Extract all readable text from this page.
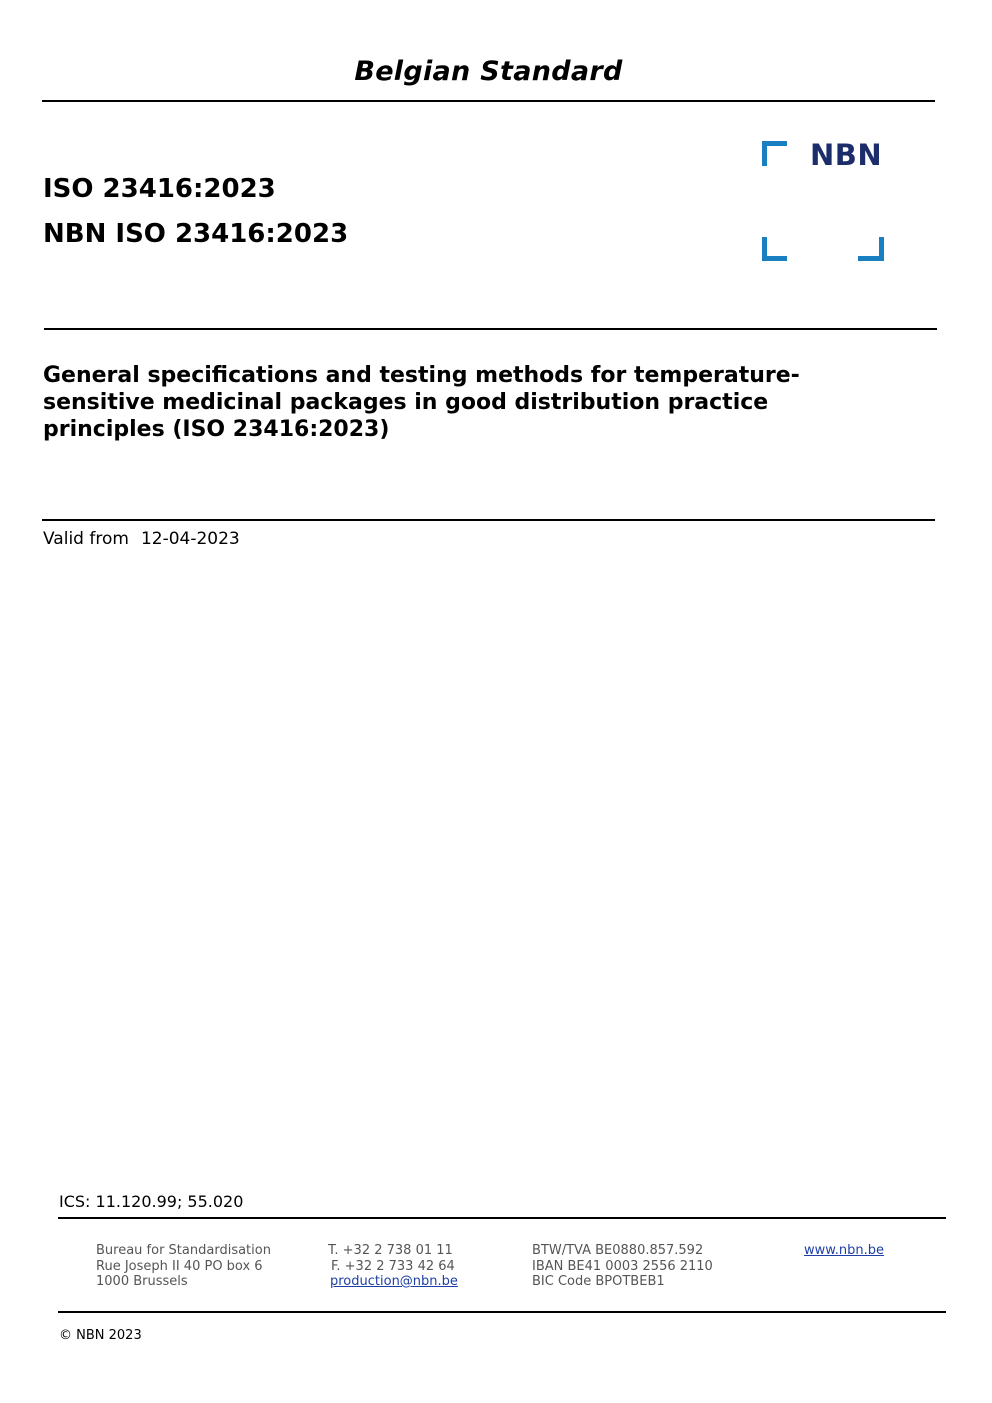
Belgian Standard
ISO 23416:2023
NBN ISO 23416:2023
NBN
General specifications and testing methods for temperature-
sensitive medicinal packages in good distribution practice
principles (ISO 23416:2023)
Valid from 12-04-2023
ICS: 11.120.99; 55.020
Bureau for Standardisation
Rue Joseph II 40 PO box 6
1000 Brussels
T. +32 2 738 01 11
F. +32 2 733 42 64
production@nbn.be
BTW/TVA BE0880.857.592
IBAN BE41 0003 2556 2110
BIC Code BPOTBEB1
www.nbn.be
© NBN 2023
